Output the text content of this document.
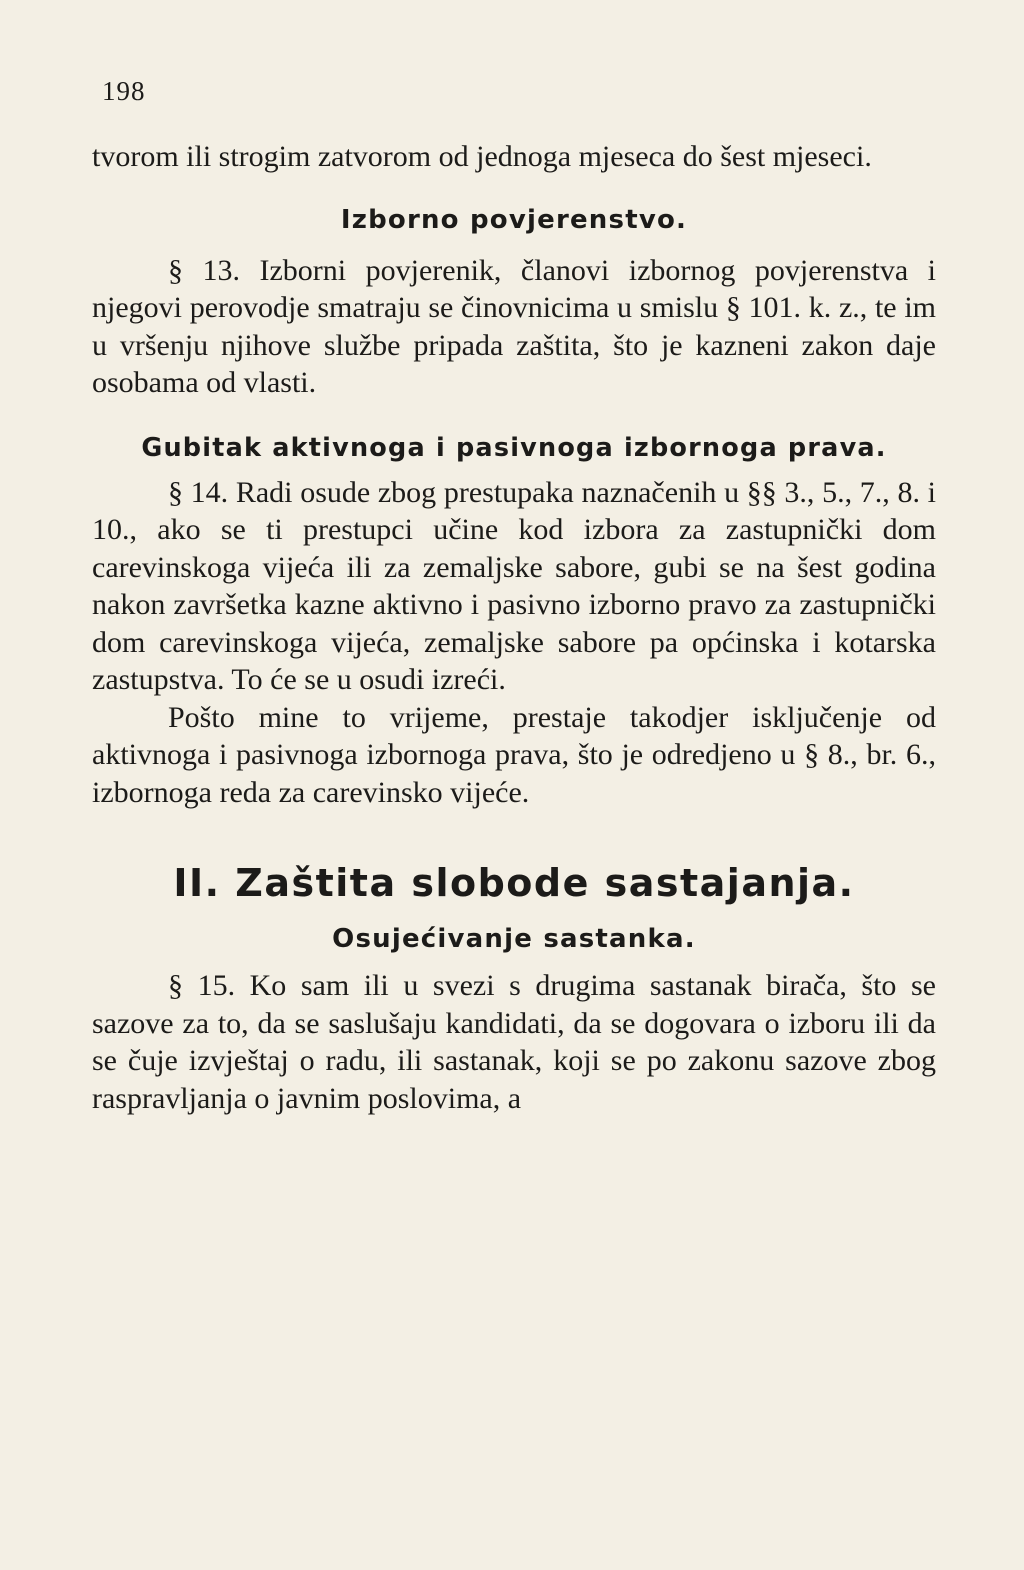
198

tvorom ili strogim zatvorom od jednoga mjeseca do šest mjeseci.

Izborno povjerenstvo.

§ 13. Izborni povjerenik, članovi izbornog povjerenstva i njegovi perovodje smatraju se činovnicima u smislu § 101. k. z., te im u vršenju njihove službe pripada zaštita, što je kazneni zakon daje osobama od vlasti.

Gubitak aktivnoga i pasivnoga izbornoga prava.

§ 14. Radi osude zbog prestupaka naznačenih u §§ 3., 5., 7., 8. i 10., ako se ti prestupci učine kod izbora za zastupnički dom carevinskoga vijeća ili za zemaljske sabore, gubi se na šest godina nakon završetka kazne aktivno i pasivno izborno pravo za zastupnički dom carevinskoga vijeća, zemaljske sabore pa općinska i kotarska zastupstva. To će se u osudi izreći.

Pošto mine to vrijeme, prestaje takodjer isključenje od aktivnoga i pasivnoga izbornoga prava, što je odredjeno u § 8., br. 6., izbornoga reda za carevinsko vijeće.

II. Zaštita slobode sastajanja.
Osujećivanje sastanka.

§ 15. Ko sam ili u svezi s drugima sastanak birača, što se sazove za to, da se saslušaju kandidati, da se dogovara o izboru ili da se čuje izvještaj o radu, ili sastanak, koji se po zakonu sazove zbog raspravljanja o javnim poslovima, a
